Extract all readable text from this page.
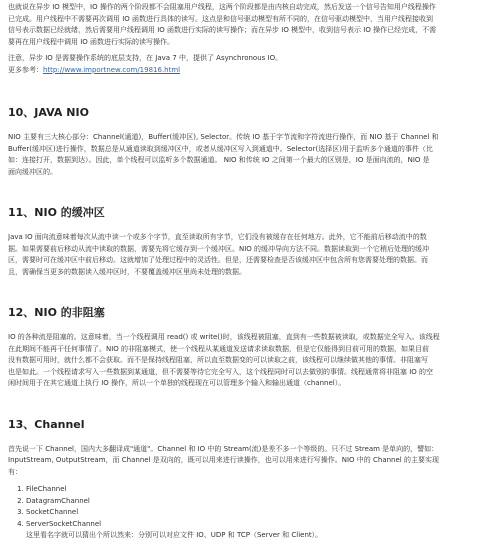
也就说在异步 IO 模型中，IO 操作的两个阶段都不会阻塞用户线程，这两个阶段都是由内核自动完成，然后发送一个信号告知用户线程操作

已完成。用户线程中不需要再次调用 IO 函数进行具体的读写。这点是和信号驱动模型有所不同的，在信号驱动模型中，当用户线程接收到

信号表示数据已经就绪，然后需要用户线程调用 IO 函数进行实际的读写操作；而在异步 IO 模型中，收到信号表示 IO 操作已经完成，不需

要再在用户线程中调用 IO 函数进行实际的读写操作。

注意，异步 IO 是需要操作系统的底层支持，在 Java 7 中，提供了 Asynchronous IO。

更多参考：http://www.importnew.com/19816.html

10、JAVA NIO

NIO 主要有三大核心部分：Channel(通道)，Buffer(缓冲区), Selector。传统 IO 基于字节流和字符流进行操作，而 NIO 基于 Channel 和

Buffer(缓冲区)进行操作，数据总是从通道读取到缓冲区中，或者从缓冲区写入到通道中。Selector(选择区)用于监听多个通道的事件（比

如：连接打开，数据到达）。因此，单个线程可以监听多个数据通道。 NIO 和传统 IO 之间第一个最大的区别是，IO 是面向流的，NIO 是

面向缓冲区的。

11、NIO 的缓冲区

Java IO 面向流意味着每次从流中读一个或多个字节，直至读取所有字节，它们没有被缓存在任何地方。此外，它不能前后移动流中的数

据。如果需要前后移动从流中读取的数据，需要先将它缓存到一个缓冲区。NIO 的缓冲导向方法不同。数据读取到一个它稍后处理的缓冲

区，需要时可在缓冲区中前后移动。这就增加了处理过程中的灵活性。但是，还需要检查是否该缓冲区中包含所有您需要处理的数据。而

且，需确保当更多的数据读入缓冲区时，不要覆盖缓冲区里尚未处理的数据。

12、NIO 的非阻塞

IO 的各种流是阻塞的。这意味着，当一个线程调用 read() 或 write()时，该线程被阻塞，直到有一些数据被读取，或数据完全写入。该线程

在此期间不能再干任何事情了。NIO 的非阻塞模式，使一个线程从某通道发送请求读取数据，但是它仅能得到目前可用的数据，如果目前

没有数据可用时，就什么都不会获取。而不是保持线程阻塞，所以直至数据变的可以读取之前，该线程可以继续做其他的事情。非阻塞写

也是如此。一个线程请求写入一些数据到某通道，但不需要等待它完全写入，这个线程同时可以去做别的事情。线程通常将非阻塞 IO 的空

闲时间用于在其它通道上执行 IO 操作，所以一个单独的线程现在可以管理多个输入和输出通道（channel）。

13、Channel

首先说一下 Channel，国内大多翻译成"通道"。Channel 和 IO 中的 Stream(流)是差不多一个等级的。只不过 Stream 是单向的，譬如：

InputStream, OutputStream，而 Channel 是双向的，既可以用来进行读操作，也可以用来进行写操作。NIO 中的 Channel 的主要实现

有：

1. FileChannel
2. DatagramChannel
3. SocketChannel
4. ServerSocketChannel

这里看名字就可以猜出个所以然来：分别可以对应文件 IO、UDP 和 TCP（Server 和 Client）。
